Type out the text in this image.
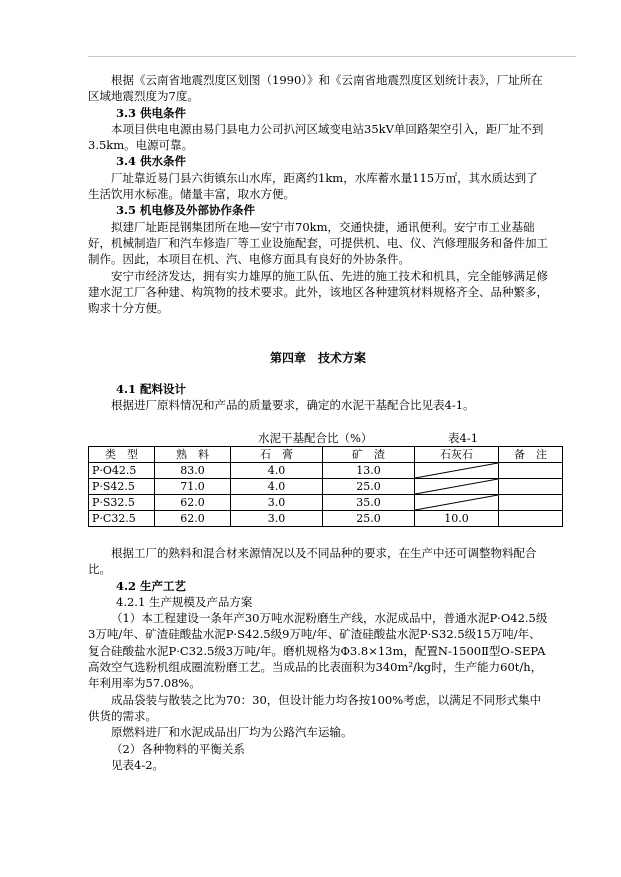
根据《云南省地震烈度区划图（1990）》和《云南省地震烈度区划统计表》，厂址所在区域地震烈度为7度。

3.3 供电条件

本项目供电电源由易门县电力公司扒河区域变电站35kV单回路架空引入，距厂址不到3.5km。电源可靠。

3.4 供水条件

厂址靠近易门县六街镇东山水库，距离约1km，水库蓄水量115万㎡，其水质达到了生活饮用水标准。储量丰富，取水方便。

3.5 机电修及外部协作条件

拟建厂址距昆钢集团所在地—安宁市70km，交通快捷，通讯便利。安宁市工业基础好，机械制造厂和汽车修造厂等工业设施配套，可提供机、电、仪、汽修理服务和备件加工制作。因此，本项目在机、汽、电修方面具有良好的外协条件。

安宁市经济发达，拥有实力雄厚的施工队伍、先进的施工技术和机具，完全能够满足修建水泥工厂各种建、构筑物的技术要求。此外，该地区各种建筑材料规格齐全、品种繁多，购求十分方便。

第四章　技术方案

4.1 配料设计

根据进厂原料情况和产品的质量要求，确定的水泥干基配合比见表4-1。

水泥干基配合比（%）	表4-1
类　型	熟　料	石　膏	矿　渣	石灰石	备　注
P·O42.5	83.0	4.0	13.0	

P·S42.5	71.0	4.0	25.0	

P·S32.5	62.0	3.0	35.0	

P·C32.5	62.0	3.0	25.0	10.0	

根据工厂的熟料和混合材来源情况以及不同品种的要求，在生产中还可调整物料配合比。

4.2 生产工艺

4.2.1 生产规模及产品方案

（1）本工程建设一条年产30万吨水泥粉磨生产线，水泥成品中，普通水泥P·O42.5级3万吨/年、矿渣硅酸盐水泥P·S42.5级9万吨/年、矿渣硅酸盐水泥P·S32.5级15万吨/年、复合硅酸盐水泥P·C32.5级3万吨/年。磨机规格为Φ3.8×13m，配置N-1500Ⅱ型O-SEPA高效空气选粉机组成圈流粉磨工艺。当成品的比表面积为340m²/kg时，生产能力60t/h，年利用率为57.08%。

成品袋装与散装之比为70：30，但设计能力均各按100%考虑，以满足不同形式集中供货的需求。

原燃料进厂和水泥成品出厂均为公路汽车运输。

（2）各种物料的平衡关系

见表4-2。
